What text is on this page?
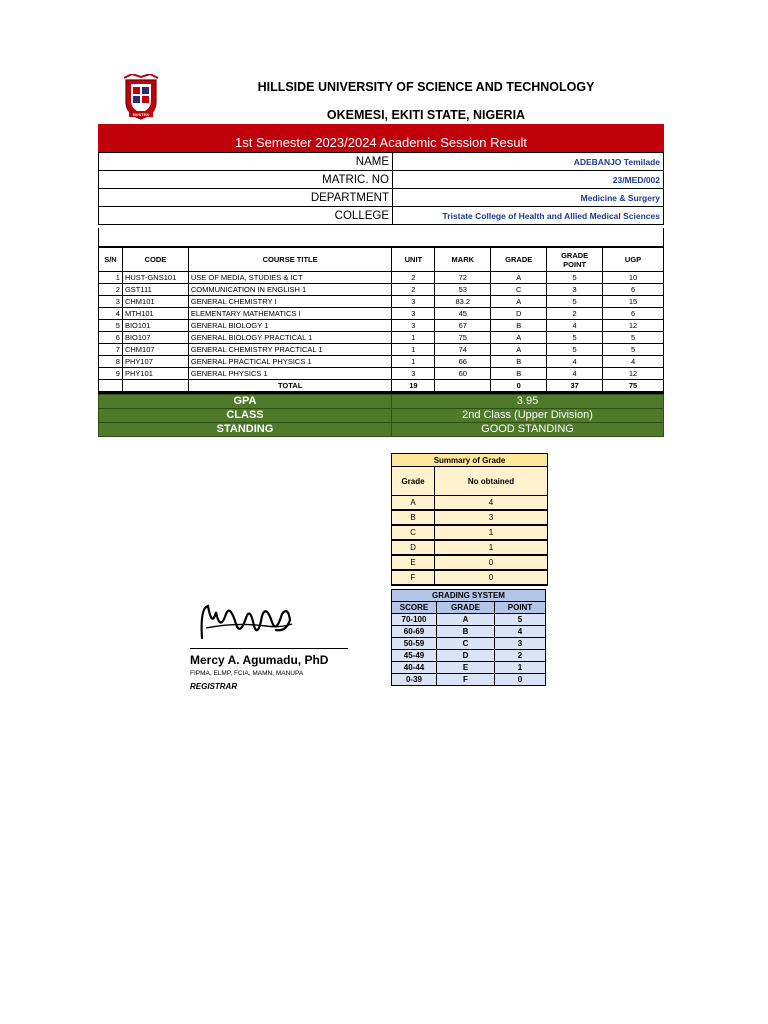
HUSTEK
HILLSIDE UNIVERSITY OF SCIENCE AND TECHNOLOGY
OKEMESI, EKITI STATE, NIGERIA
1st Semester 2023/2024 Academic Session Result
NAME	ADEBANJO Temilade
MATRIC. NO	23/MED/002
DEPARTMENT	Medicine & Surgery
COLLEGE	Tristate College of Health and Allied Medical Sciences
S/N	CODE	COURSE TITLE	UNIT	MARK	GRADE	GRADE POINT	UGP
1	HUST-GNS101	USE OF MEDIA, STUDIES & ICT	2	72	A	5	10
2	GST111	COMMUNICATION IN ENGLISH 1	2	53	C	3	6
3	CHM101	GENERAL CHEMISTRY I	3	83.2	A	5	15
4	MTH101	ELEMENTARY MATHEMATICS I	3	45	D	2	6
5	BIO101	GENERAL BIOLOGY 1	3	67	B	4	12
6	BIO107	GENERAL BIOLOGY PRACTICAL 1	1	75	A	5	5
7	CHM107	GENERAL CHEMISTRY PRACTICAL 1	1	74	A	5	5
8	PHY107	GENERAL PRACTICAL PHYSICS 1	1	66	B	4	4
9	PHY101	GENERAL PHYSICS 1	3	60	B	4	12
		TOTAL	19		0	37	75
GPA	3.95
CLASS	2nd Class (Upper Division)
STANDING	GOOD STANDING
Summary of Grade	
Grade	No obtained
A	4
B	3
C	1
D	1
E	0
F	0
GRADING SYSTEM		
SCORE	GRADE	POINT
70-100	A	5
60-69	B	4
50-59	C	3
45-49	D	2
40-44	E	1
0-39	F	0
Mercy A. Agumadu, PhD
FIPMA, ELMP, FCIA, MAMN, MANUPA
REGISTRAR
